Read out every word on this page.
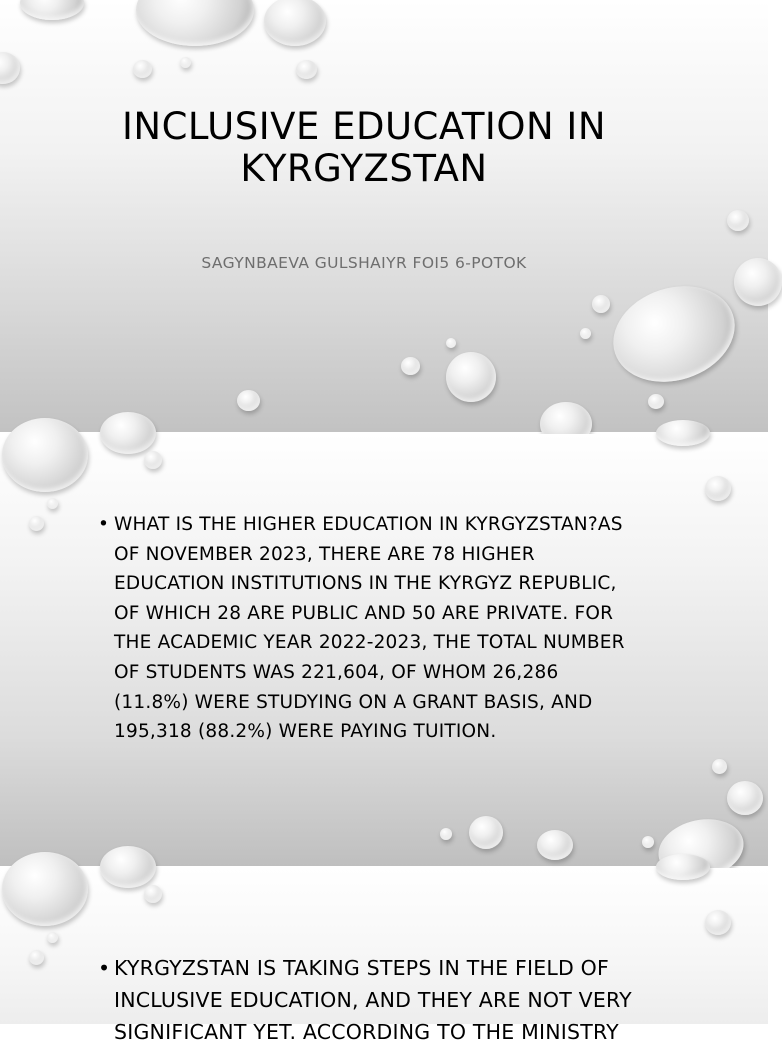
INCLUSIVE EDUCATION IN KYRGYZSTAN
SAGYNBAEVA GULSHAIYR FOI5 6-POTOK
• WHAT IS THE HIGHER EDUCATION IN KYRGYZSTAN?AS OF NOVEMBER 2023, THERE ARE 78 HIGHER EDUCATION INSTITUTIONS IN THE KYRGYZ REPUBLIC, OF WHICH 28 ARE PUBLIC AND 50 ARE PRIVATE. FOR THE ACADEMIC YEAR 2022-2023, THE TOTAL NUMBER OF STUDENTS WAS 221,604, OF WHOM 26,286 (11.8%) WERE STUDYING ON A GRANT BASIS, AND 195,318 (88.2%) WERE PAYING TUITION.
• KYRGYZSTAN IS TAKING STEPS IN THE FIELD OF INCLUSIVE EDUCATION, AND THEY ARE NOT VERY SIGNIFICANT YET. ACCORDING TO THE MINISTRY
